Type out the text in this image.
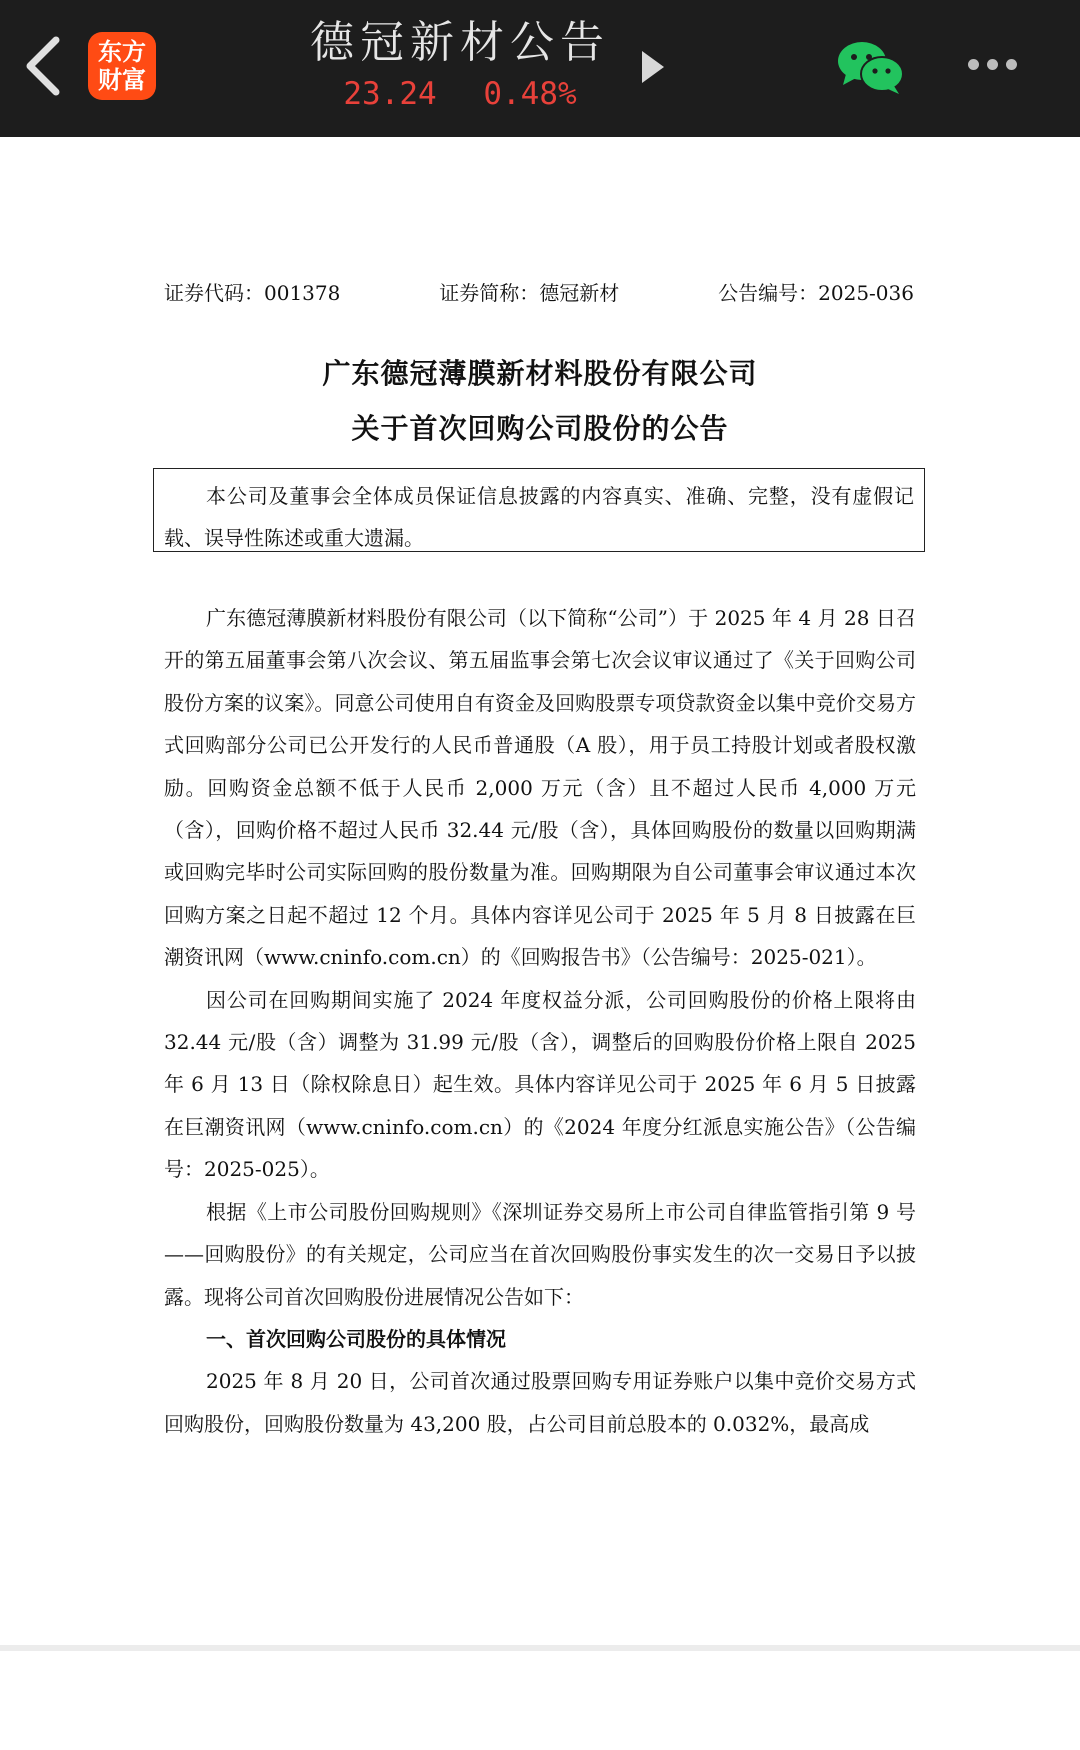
东方
财富
德冠新材公告
23.24 0.48%
证券代码：001378	证券简称：德冠新材	公告编号：2025-036
广东德冠薄膜新材料股份有限公司
关于首次回购公司股份的公告
本公司及董事会全体成员保证信息披露的内容真实、准确、完整，没有虚假记载、误导性陈述或重大遗漏。

广东德冠薄膜新材料股份有限公司（以下简称“公司”）于 2025 年 4 月 28 日召开的第五届董事会第八次会议、第五届监事会第七次会议审议通过了《关于回购公司股份方案的议案》。同意公司使用自有资金及回购股票专项贷款资金以集中竞价交易方式回购部分公司已公开发行的人民币普通股（A 股），用于员工持股计划或者股权激励。回购资金总额不低于人民币 2,000 万元（含）且不超过人民币 4,000 万元（含），回购价格不超过人民币 32.44 元/股（含），具体回购股份的数量以回购期满或回购完毕时公司实际回购的股份数量为准。回购期限为自公司董事会审议通过本次回购方案之日起不超过 12 个月。具体内容详见公司于 2025 年 5 月 8 日披露在巨潮资讯网（www.cninfo.com.cn）的《回购报告书》（公告编号：2025-021）。

因公司在回购期间实施了 2024 年度权益分派，公司回购股份的价格上限将由 32.44 元/股（含）调整为 31.99 元/股（含），调整后的回购股份价格上限自 2025 年 6 月 13 日（除权除息日）起生效。具体内容详见公司于 2025 年 6 月 5 日披露在巨潮资讯网（www.cninfo.com.cn）的《2024 年度分红派息实施公告》（公告编号：2025-025）。

根据《上市公司股份回购规则》《深圳证券交易所上市公司自律监管指引第 9 号——回购股份》的有关规定，公司应当在首次回购股份事实发生的次一交易日予以披露。现将公司首次回购股份进展情况公告如下：

一、首次回购公司股份的具体情况

2025 年 8 月 20 日，公司首次通过股票回购专用证券账户以集中竞价交易方式回购股份，回购股份数量为 43,200 股，占公司目前总股本的 0.032%，最高成
